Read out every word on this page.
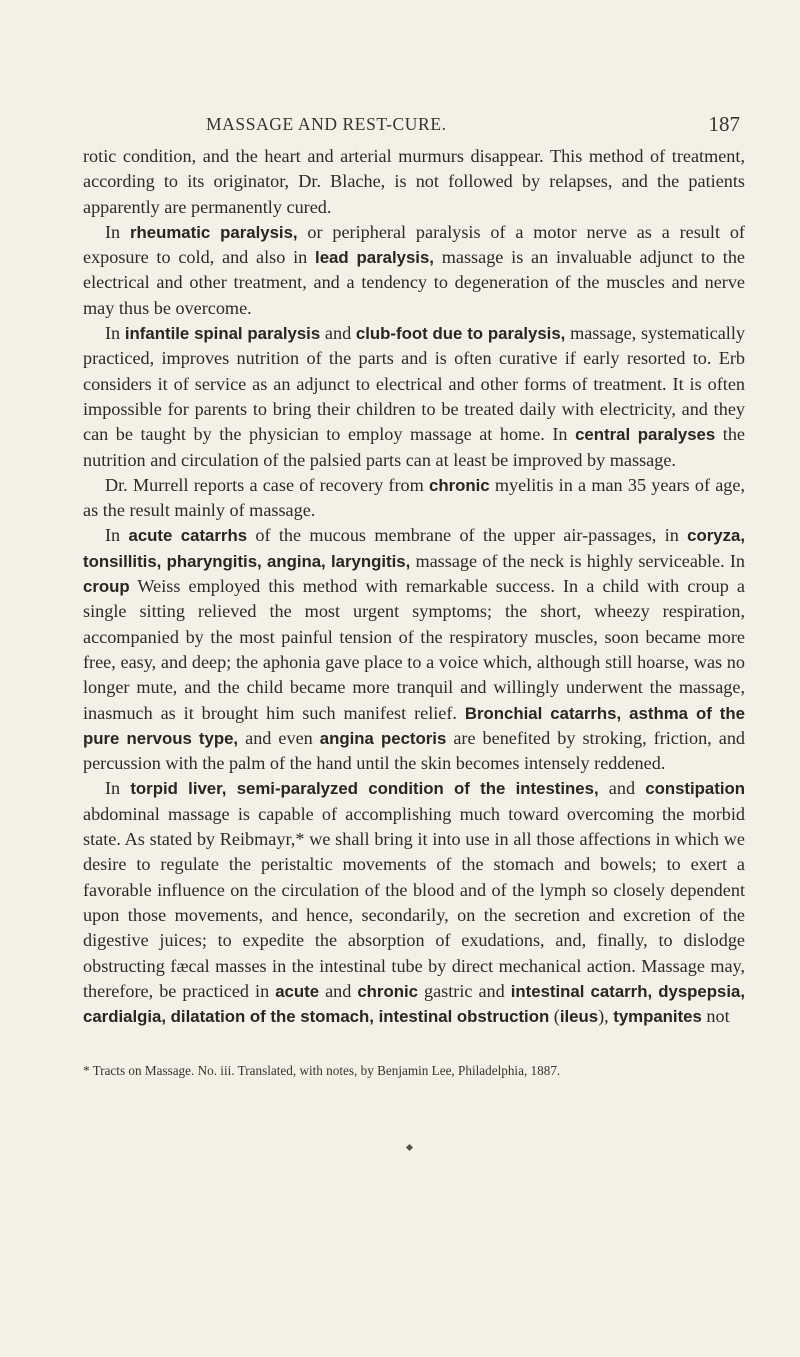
MASSAGE AND REST-CURE.	187

rotic condition, and the heart and arterial murmurs disappear. This method of treatment, according to its originator, Dr. Blache, is not followed by relapses, and the patients apparently are permanently cured.

In rheumatic paralysis, or peripheral paralysis of a motor nerve as a result of exposure to cold, and also in lead paralysis, massage is an invaluable adjunct to the electrical and other treatment, and a tendency to degeneration of the muscles and nerve may thus be overcome.

In infantile spinal paralysis and club-foot due to paralysis, massage, systematically practiced, improves nutrition of the parts and is often curative if early resorted to. Erb considers it of service as an adjunct to electrical and other forms of treatment. It is often impossible for parents to bring their children to be treated daily with electricity, and they can be taught by the physician to employ massage at home. In central paralyses the nutrition and circulation of the palsied parts can at least be improved by massage.

Dr. Murrell reports a case of recovery from chronic myelitis in a man 35 years of age, as the result mainly of massage.

In acute catarrhs of the mucous membrane of the upper air-passages, in coryza, tonsillitis, pharyngitis, angina, laryngitis, massage of the neck is highly serviceable. In croup Weiss employed this method with remarkable success. In a child with croup a single sitting relieved the most urgent symptoms; the short, wheezy respiration, accompanied by the most painful tension of the respiratory muscles, soon became more free, easy, and deep; the aphonia gave place to a voice which, although still hoarse, was no longer mute, and the child became more tranquil and willingly underwent the massage, inasmuch as it brought him such manifest relief. Bronchial catarrhs, asthma of the pure nervous type, and even angina pectoris are benefited by stroking, friction, and percussion with the palm of the hand until the skin becomes intensely reddened.

In torpid liver, semi-paralyzed condition of the intestines, and constipation abdominal massage is capable of accomplishing much toward overcoming the morbid state. As stated by Reibmayr,* we shall bring it into use in all those affections in which we desire to regulate the peristaltic movements of the stomach and bowels; to exert a favorable influence on the circulation of the blood and of the lymph so closely dependent upon those movements, and hence, secondarily, on the secretion and excretion of the digestive juices; to expedite the absorption of exudations, and, finally, to dislodge obstructing fæcal masses in the intestinal tube by direct mechanical action. Massage may, therefore, be practiced in acute and chronic gastric and intestinal catarrh, dyspepsia, cardialgia, dilatation of the stomach, intestinal obstruction (ileus), tympanites not

* Tracts on Massage. No. iii. Translated, with notes, by Benjamin Lee, Philadelphia, 1887.
